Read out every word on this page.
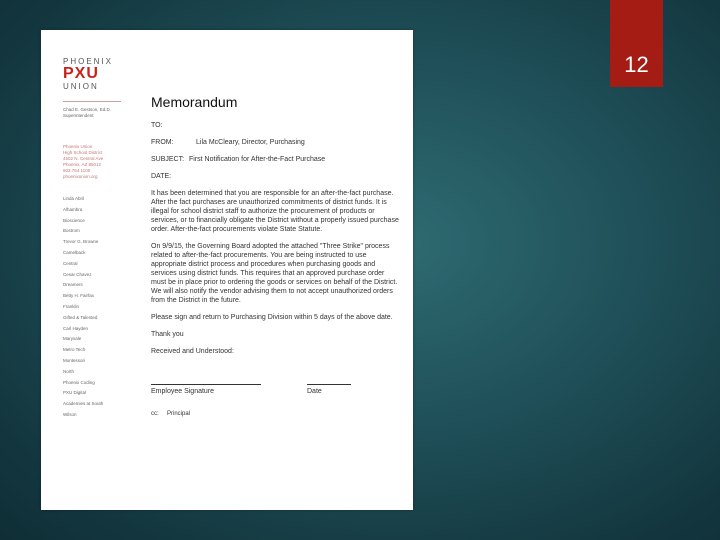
12
PHOENIX
PXU
UNION
Chad E. Gestson, Ed.D.
Superintendent
Phoenix Union
High School District
4502 N. Central Ave
Phoenix, AZ 85012
602.764.1100
phoenixunion.org
Linda Abril
Alhambra
Bioscience
Bostrom
Trevor G. Browne
Camelback
Central
Cesar Chavez
Dreamers
Betty H. Fairfax
Franklin
Gifted & Talented
Carl Hayden
Maryvale
Metro Tech
Montessori
North
Phoenix Coding
PXU Digital
Academies at South
Wilson
Memorandum
TO:
FROM:	Lila McCleary, Director, Purchasing
SUBJECT: First Notification for After-the-Fact Purchase
DATE:

It has been determined that you are responsible for an after-the-fact purchase. After the fact purchases are unauthorized commitments of district funds. It is illegal for school district staff to authorize the procurement of products or services, or to financially obligate the District without a properly issued purchase order. After-the-fact procurements violate State Statute.

On 9/9/15, the Governing Board adopted the attached "Three Strike" process related to after-the-fact procurements. You are being instructed to use appropriate district process and procedures when purchasing goods and services using district funds. This requires that an approved purchase order must be in place prior to ordering the goods or services on behalf of the District. We will also notify the vendor advising them to not accept unauthorized orders from the District in the future.

Please sign and return to Purchasing Division within 5 days of the above date.

Thank you

Received and Understood:

Employee Signature	Date
cc: Principal
